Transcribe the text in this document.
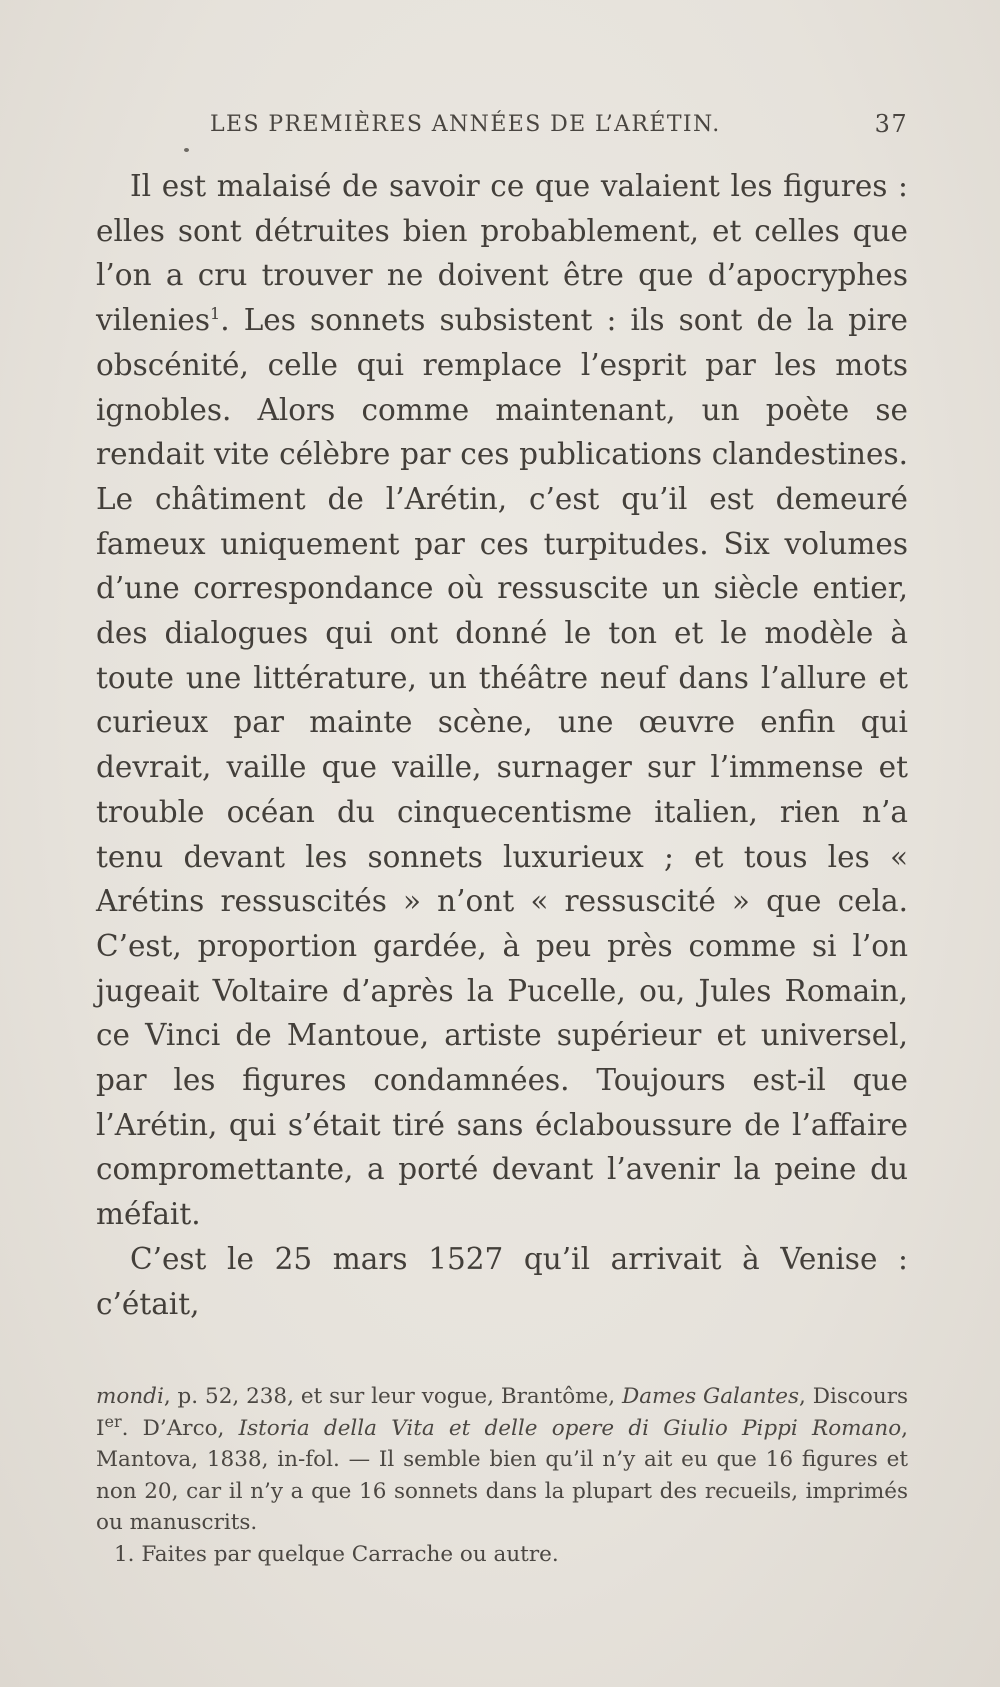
LES PREMIÈRES ANNÉES DE L’ARÉTIN.	37

Il est malaisé de savoir ce que valaient les figures : elles sont détruites bien probablement, et celles que l’on a cru trouver ne doivent être que d’apocryphes vilenies$^1$. Les sonnets subsistent : ils sont de la pire obscénité, celle qui remplace l’esprit par les mots ignobles. Alors comme maintenant, un poète se rendait vite célèbre par ces publications clandestines. Le châtiment de l’Arétin, c’est qu’il est demeuré fameux uniquement par ces turpitudes. Six volumes d’une correspondance où ressuscite un siècle entier, des dialogues qui ont donné le ton et le modèle à toute une littérature, un théâtre neuf dans l’allure et curieux par mainte scène, une œuvre enfin qui devrait, vaille que vaille, surnager sur l’immense et trouble océan du cinquecentisme italien, rien n’a tenu devant les sonnets luxurieux ; et tous les « Arétins ressuscités » n’ont « ressuscité » que cela. C’est, proportion gardée, à peu près comme si l’on jugeait Voltaire d’après la Pucelle, ou, Jules Romain, ce Vinci de Mantoue, artiste supérieur et universel, par les figures condamnées. Toujours est-il que l’Arétin, qui s’était tiré sans éclaboussure de l’affaire compromettante, a porté devant l’avenir la peine du méfait.

C’est le 25 mars 1527 qu’il arrivait à Venise : c’était,

mondi, p. 52, 238, et sur leur vogue, Brantôme, Dames Galantes, Discours Ier. D’Arco, Istoria della Vita et delle opere di Giulio Pippi Romano, Mantova, 1838, in-fol. — Il semble bien qu’il n’y ait eu que 16 figures et non 20, car il n’y a que 16 sonnets dans la plupart des recueils, imprimés ou manuscrits.

1. Faites par quelque Carrache ou autre.
